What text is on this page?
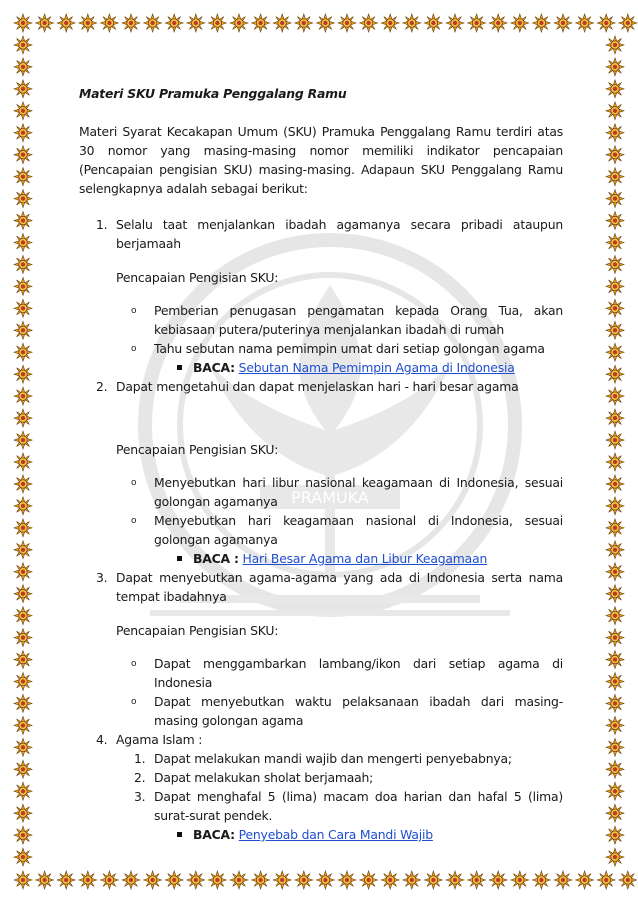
PRAMUKA

Materi SKU Pramuka Penggalang Ramu

Materi Syarat Kecakapan Umum (SKU) Pramuka Penggalang Ramu terdiri atas 30 nomor yang masing-masing nomor memiliki indikator pencapaian (Pencapaian pengisian SKU) masing-masing. Adapaun SKU Penggalang Ramu selengkapnya adalah sebagai berikut:

1. Selalu taat menjalankan ibadah agamanya secara pribadi ataupun berjamaah

Pencapaian Pengisian SKU:

o Pemberian penugasan pengamatan kepada Orang Tua, akan kebiasaan putera/puterinya menjalankan ibadah di rumah
o Tahu sebutan nama pemimpin umat dari setiap golongan agama
BACA: Sebutan Nama Pemimpin Agama di Indonesia
2. Dapat mengetahui dan dapat menjelaskan hari - hari besar agama

Pencapaian Pengisian SKU:

o Menyebutkan hari libur nasional keagamaan di Indonesia, sesuai golongan agamanya
o Menyebutkan hari keagamaan nasional di Indonesia, sesuai golongan agamanya
BACA : Hari Besar Agama dan Libur Keagamaan
3. Dapat menyebutkan agama-agama yang ada di Indonesia serta nama tempat ibadahnya

Pencapaian Pengisian SKU:

o Dapat menggambarkan lambang/ikon dari setiap agama di Indonesia
o Dapat menyebutkan waktu pelaksanaan ibadah dari masing-masing golongan agama
4. Agama Islam :

1. Dapat melakukan mandi wajib dan mengerti penyebabnya;
2. Dapat melakukan sholat berjamaah;
3. Dapat menghafal 5 (lima) macam doa harian dan hafal 5 (lima) surat-surat pendek.
BACA: Penyebab dan Cara Mandi Wajib
